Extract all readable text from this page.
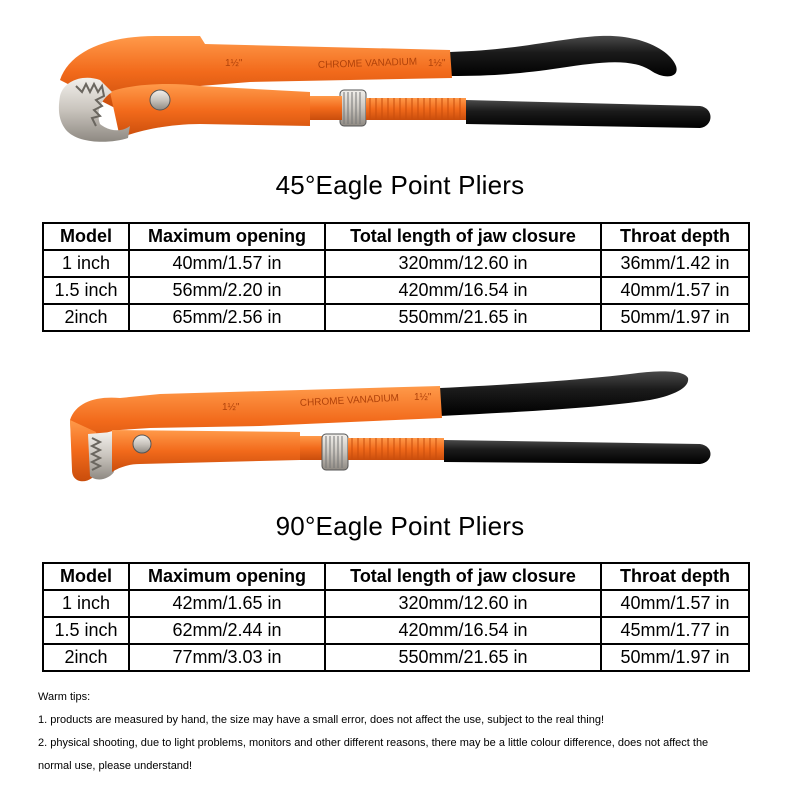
CHROME VANADIUM 1½"
1½"
45°Eagle Point Pliers
Model	Maximum opening	Total length of jaw closure	Throat depth
1 inch	40mm/1.57 in	320mm/12.60 in	36mm/1.42 in
1.5 inch	56mm/2.20 in	420mm/16.54 in	40mm/1.57 in
2inch	65mm/2.56 in	550mm/21.65 in	50mm/1.97 in
CHROME VANADIUM 1½"
1½"
90°Eagle Point Pliers
Model	Maximum opening	Total length of jaw closure	Throat depth
1 inch	42mm/1.65 in	320mm/12.60 in	40mm/1.57 in
1.5 inch	62mm/2.44 in	420mm/16.54 in	45mm/1.77 in
2inch	77mm/3.03 in	550mm/21.65 in	50mm/1.97 in

Warm tips:

1. products are measured by hand, the size may have a small error, does not affect the use, subject to the real thing!

2. physical shooting, due to light problems, monitors and other different reasons, there may be a little colour difference, does not affect the

normal use, please understand!
